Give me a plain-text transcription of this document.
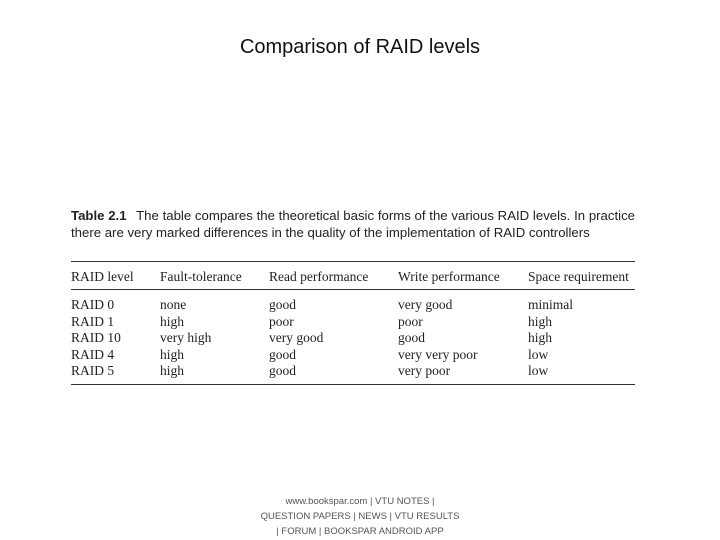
Comparison of RAID levels
Table 2.1 The table compares the theoretical basic forms of the various RAID levels. In practice there are very marked differences in the quality of the implementation of RAID controllers
RAID level	Fault-tolerance	Read performance	Write performance	Space requirement
RAID 0	none	good	very good	minimal
RAID 1	high	poor	poor	high
RAID 10	very high	very good	good	high
RAID 4	high	good	very very poor	low
RAID 5	high	good	very poor	low
www.bookspar.com | VTU NOTES |
QUESTION PAPERS | NEWS | VTU RESULTS
| FORUM | BOOKSPAR ANDROID APP
